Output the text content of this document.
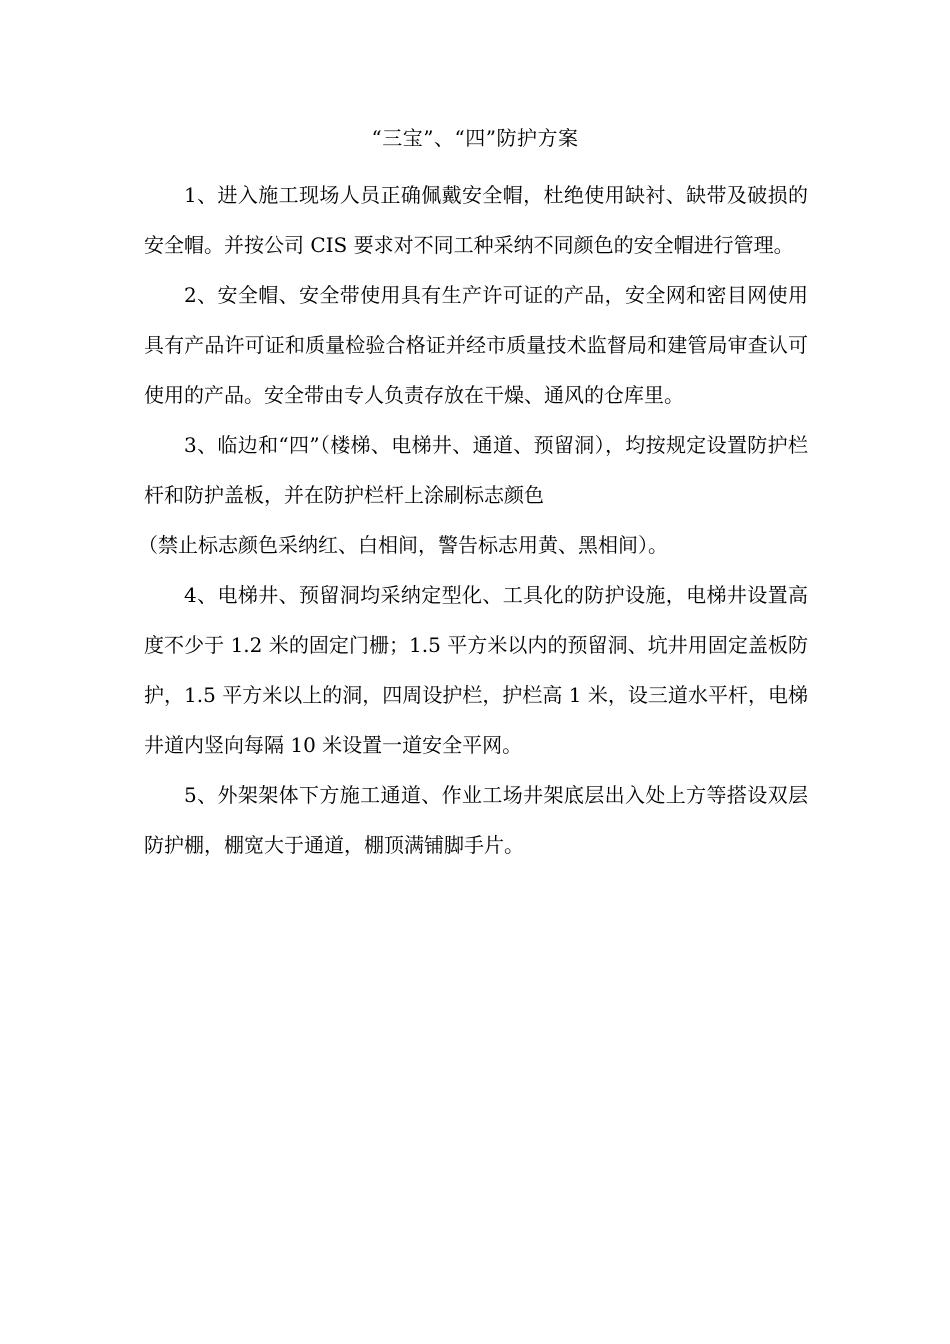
“三宝”、“四”防护方案

1、进入施工现场人员正确佩戴安全帽，杜绝使用缺衬、缺带及破损的安全帽。并按公司 CIS 要求对不同工种采纳不同颜色的安全帽进行管理。

2、安全帽、安全带使用具有生产许可证的产品，安全网和密目网使用具有产品许可证和质量检验合格证并经市质量技术监督局和建管局审查认可使用的产品。安全带由专人负责存放在干燥、通风的仓库里。

3、临边和“四”（楼梯、电梯井、通道、预留洞），均按规定设置防护栏杆和防护盖板，并在防护栏杆上涂刷标志颜色

（禁止标志颜色采纳红、白相间，警告标志用黄、黑相间）。

4、电梯井、预留洞均采纳定型化、工具化的防护设施，电梯井设置高度不少于 1.2 米的固定门栅；1.5 平方米以内的预留洞、坑井用固定盖板防护，1.5 平方米以上的洞，四周设护栏，护栏高 1 米，设三道水平杆，电梯井道内竖向每隔 10 米设置一道安全平网。

5、外架架体下方施工通道、作业工场井架底层出入处上方等搭设双层防护棚，棚宽大于通道，棚顶满铺脚手片。
